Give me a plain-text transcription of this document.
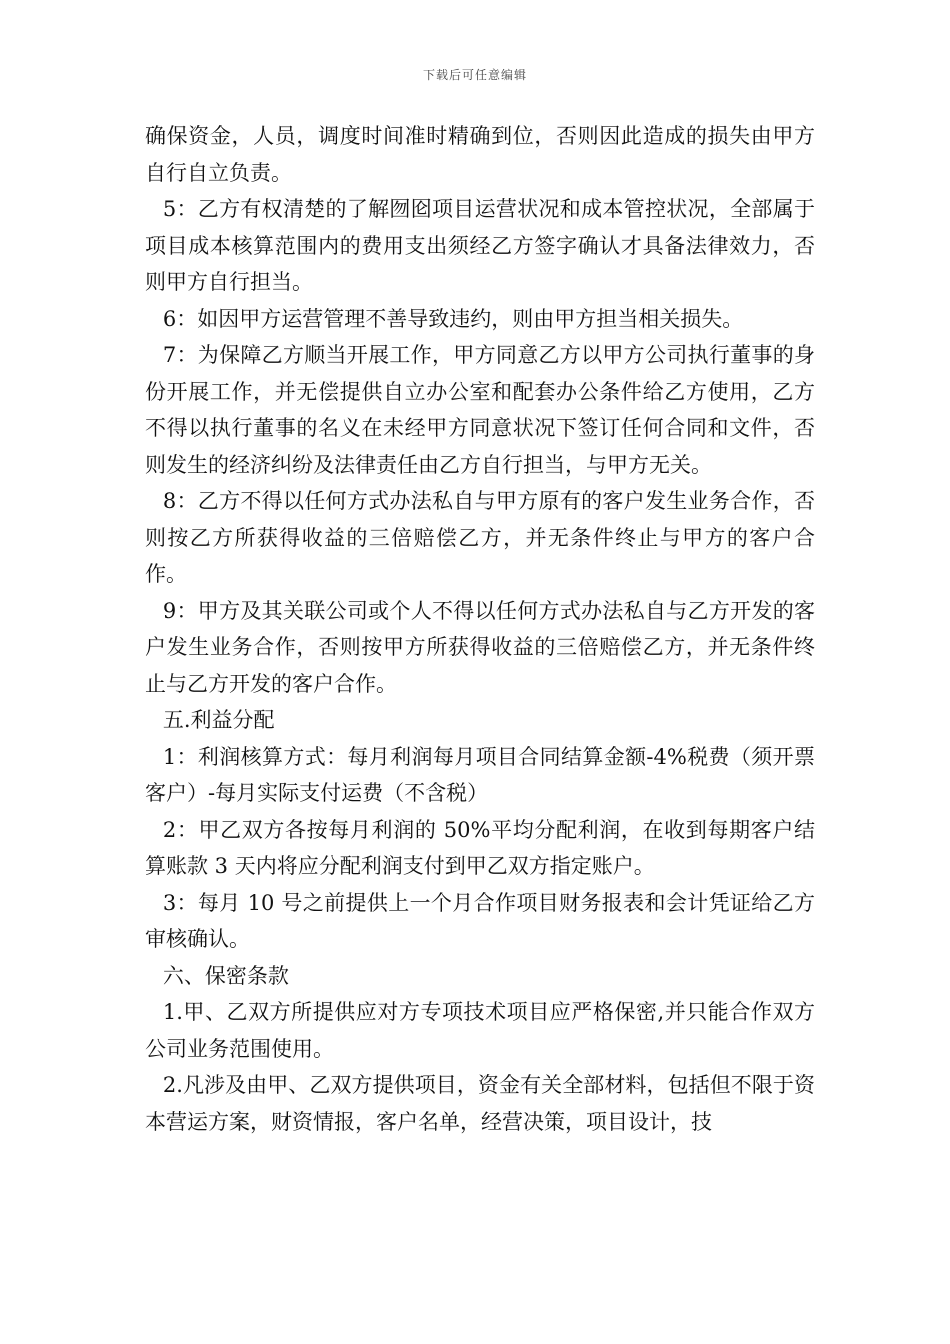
下载后可任意编辑

确保资金，人员，调度时间准时精确到位，否则因此造成的损失由甲方自行自立负责。

5：乙方有权清楚的了解囫囵项目运营状况和成本管控状况，全部属于项目成本核算范围内的费用支出须经乙方签字确认才具备法律效力，否则甲方自行担当。

6：如因甲方运营管理不善导致违约，则由甲方担当相关损失。

7：为保障乙方顺当开展工作，甲方同意乙方以甲方公司执行董事的身份开展工作，并无偿提供自立办公室和配套办公条件给乙方使用，乙方不得以执行董事的名义在未经甲方同意状况下签订任何合同和文件，否则发生的经济纠纷及法律责任由乙方自行担当，与甲方无关。

8：乙方不得以任何方式办法私自与甲方原有的客户发生业务合作，否则按乙方所获得收益的三倍赔偿乙方，并无条件终止与甲方的客户合作。

9：甲方及其关联公司或个人不得以任何方式办法私自与乙方开发的客户发生业务合作，否则按甲方所获得收益的三倍赔偿乙方，并无条件终止与乙方开发的客户合作。

五.利益分配

1：利润核算方式：每月利润每月项目合同结算金额-4%税费（须开票客户）-每月实际支付运费（不含税）

2：甲乙双方各按每月利润的 50%平均分配利润，在收到每期客户结算账款 3 天内将应分配利润支付到甲乙双方指定账户。

3：每月 10 号之前提供上一个月合作项目财务报表和会计凭证给乙方审核确认。

六、保密条款

1.甲、乙双方所提供应对方专项技术项目应严格保密,并只能合作双方公司业务范围使用。

2.凡涉及由甲、乙双方提供项目，资金有关全部材料，包括但不限于资本营运方案，财资情报，客户名单，经营决策，项目设计，技
